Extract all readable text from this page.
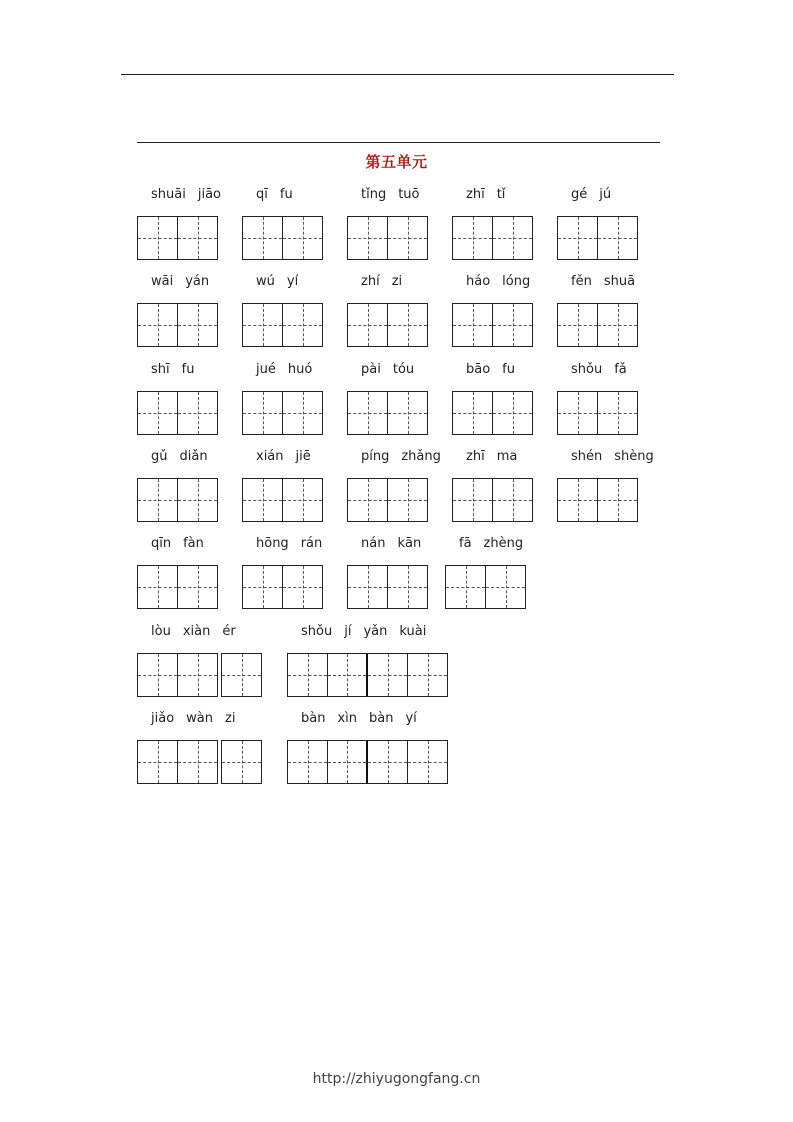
第五单元
shuāi jiāo	qī fu	tǐng tuō	zhī tǐ	gé jú
wāi yán	wú yí	zhí zi	háo lóng	fěn shuā
shī fu	jué huó	pài tóu	bāo fu	shǒu fǎ
gǔ diǎn	xián jiē	píng zhǎng	zhī ma	shén shèng
qīn fàn	hōng rán	nán kān	fā zhèng
lòu xiàn ér	shǒu jí yǎn kuài
jiǎo wàn zi	bàn xìn bàn yí
http://zhiyugongfang.cn
